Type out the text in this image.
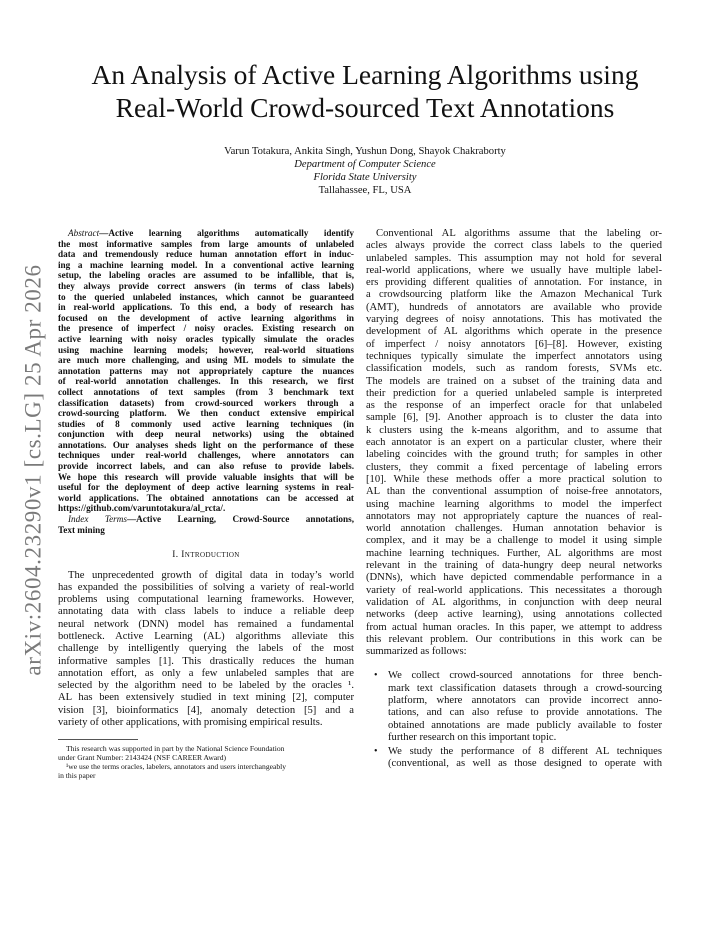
arXiv:2604.23290v1 [cs.LG] 25 Apr 2026
An Analysis of Active Learning Algorithms using
Real-World Crowd-sourced Text Annotations
Varun Totakura, Ankita Singh, Yushun Dong, Shayok Chakraborty
Department of Computer Science
Florida State University
Tallahassee, FL, USA
Abstract—Active learning algorithms automatically identify
the most informative samples from large amounts of unlabeled
data and tremendously reduce human annotation effort in induc-
ing a machine learning model. In a conventional active learning
setup, the labeling oracles are assumed to be infallible, that is,
they always provide correct answers (in terms of class labels)
to the queried unlabeled instances, which cannot be guaranteed
in real-world applications. To this end, a body of research has
focused on the development of active learning algorithms in
the presence of imperfect / noisy oracles. Existing research on
active learning with noisy oracles typically simulate the oracles
using machine learning models; however, real-world situations
are much more challenging, and using ML models to simulate the
annotation patterns may not appropriately capture the nuances
of real-world annotation challenges. In this research, we first
collect annotations of text samples (from 3 benchmark text
classification datasets) from crowd-sourced workers through a
crowd-sourcing platform. We then conduct extensive empirical
studies of 8 commonly used active learning techniques (in
conjunction with deep neural networks) using the obtained
annotations. Our analyses sheds light on the performance of these
techniques under real-world challenges, where annotators can
provide incorrect labels, and can also refuse to provide labels.
We hope this research will provide valuable insights that will be
useful for the deployment of deep active learning systems in real-
world applications. The obtained annotations can be accessed at
https://github.com/varuntotakura/al_rcta/.
Index Terms—Active Learning, Crowd-Source annotations,
Text mining
I. Introduction
The unprecedented growth of digital data in today’s world
has expanded the possibilities of solving a variety of real-world
problems using computational learning frameworks. However,
annotating data with class labels to induce a reliable deep
neural network (DNN) model has remained a fundamental
bottleneck. Active Learning (AL) algorithms alleviate this
challenge by intelligently querying the labels of the most
informative samples [1]. This drastically reduces the human
annotation effort, as only a few unlabeled samples that are
selected by the algorithm need to be labeled by the oracles ¹.
AL has been extensively studied in text mining [2], computer
vision [3], bioinformatics [4], anomaly detection [5] and a
variety of other applications, with promising empirical results.
This research was supported in part by the National Science Foundation
under Grant Number: 2143424 (NSF CAREER Award)
¹we use the terms oracles, labelers, annotators and users interchangeably
in this paper
Conventional AL algorithms assume that the labeling or-
acles always provide the correct class labels to the queried
unlabeled samples. This assumption may not hold for several
real-world applications, where we usually have multiple label-
ers providing different qualities of annotation. For instance, in
a crowdsourcing platform like the Amazon Mechanical Turk
(AMT), hundreds of annotators are available who provide
varying degrees of noisy annotations. This has motivated the
development of AL algorithms which operate in the presence
of imperfect / noisy annotators [6]–[8]. However, existing
techniques typically simulate the imperfect annotators using
classification models, such as random forests, SVMs etc.
The models are trained on a subset of the training data and
their prediction for a queried unlabeled sample is interpreted
as the response of an imperfect oracle for that unlabeled
sample [6], [9]. Another approach is to cluster the data into
k clusters using the k-means algorithm, and to assume that
each annotator is an expert on a particular cluster, where their
labeling coincides with the ground truth; for samples in other
clusters, they commit a fixed percentage of labeling errors
[10]. While these methods offer a more practical solution to
AL than the conventional assumption of noise-free annotators,
using machine learning algorithms to model the imperfect
annotators may not appropriately capture the nuances of real-
world annotation challenges. Human annotation behavior is
complex, and it may be a challenge to model it using simple
machine learning techniques. Further, AL algorithms are most
relevant in the training of data-hungry deep neural networks
(DNNs), which have depicted commendable performance in a
variety of real-world applications. This necessitates a thorough
validation of AL algorithms, in conjunction with deep neural
networks (deep active learning), using annotations collected
from actual human oracles. In this paper, we attempt to address
this relevant problem. Our contributions in this work can be
summarized as follows:
• We collect crowd-sourced annotations for three bench-
mark text classification datasets through a crowd-sourcing
platform, where annotators can provide incorrect anno-
tations, and can also refuse to provide annotations. The
obtained annotations are made publicly available to foster
further research on this important topic.
• We study the performance of 8 different AL techniques
(conventional, as well as those designed to operate with
